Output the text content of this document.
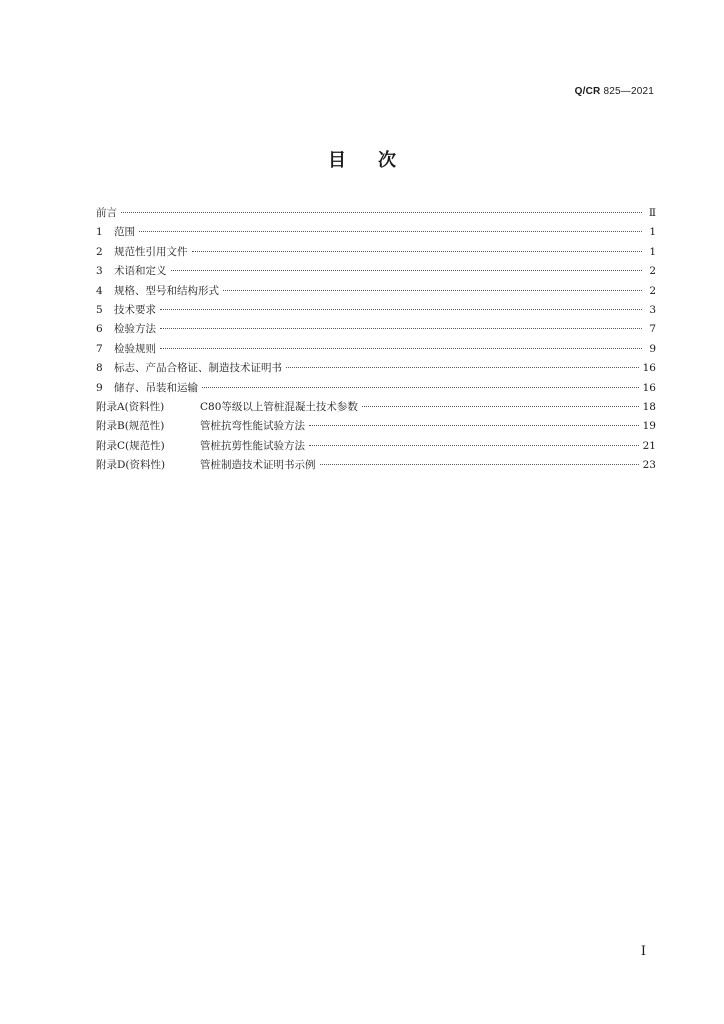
Q/CR 825—2021
目次
前言	Ⅱ
1	范围	1
2	规范性引用文件	1
3	术语和定义	2
4	规格、型号和结构形式	2
5	技术要求	3
6	检验方法	7
7	检验规则	9
8	标志、产品合格证、制造技术证明书	16
9	储存、吊装和运输	16
附录A(资料性)	C80等级以上管桩混凝土技术参数	18
附录B(规范性)	管桩抗弯性能试验方法	19
附录C(规范性)	管桩抗剪性能试验方法	21
附录D(资料性)	管桩制造技术证明书示例	23
I
